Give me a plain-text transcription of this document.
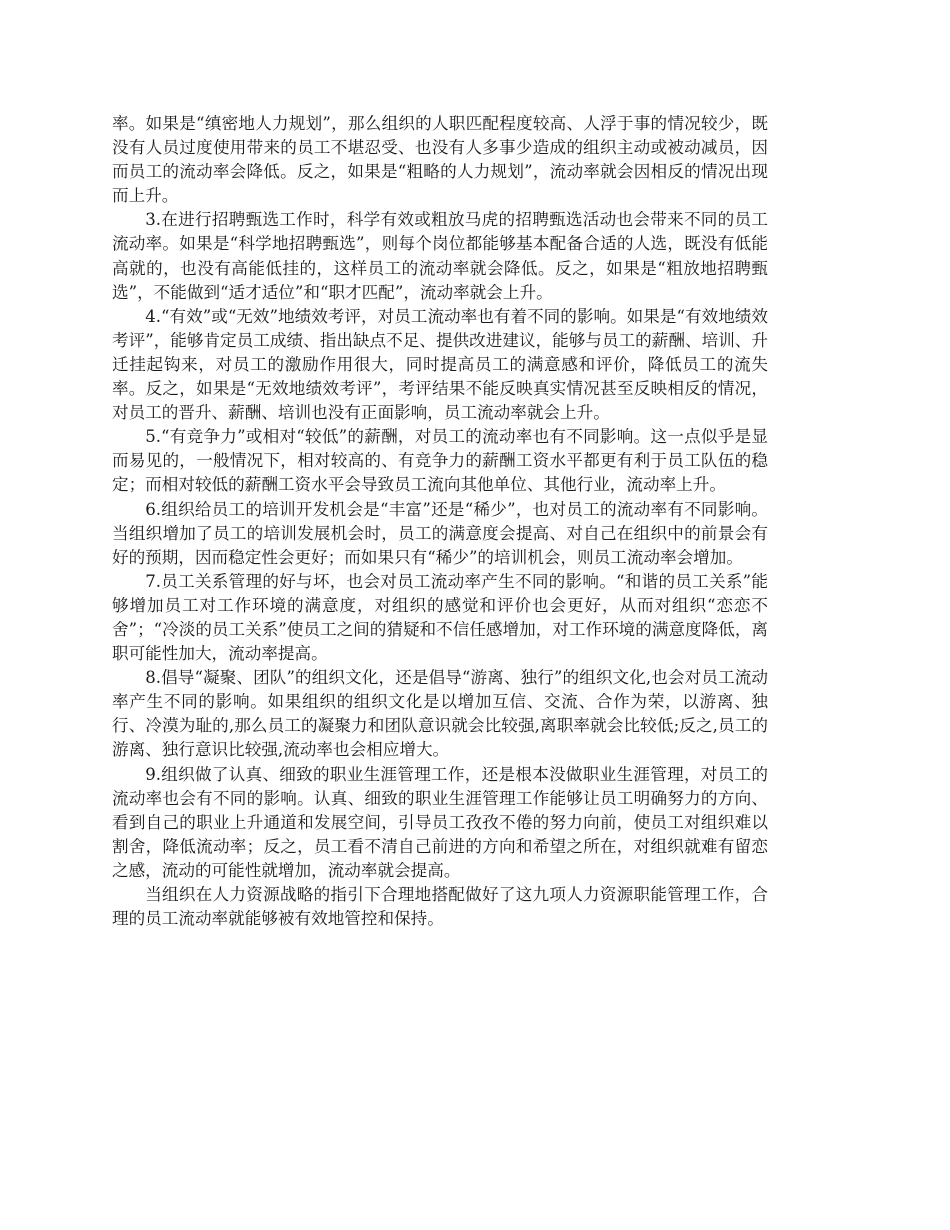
率。如果是“缜密地人力规划”，那么组织的人职匹配程度较高、人浮于事的情况较少，既没有人员过度使用带来的员工不堪忍受、也没有人多事少造成的组织主动或被动减员，因而员工的流动率会降低。反之，如果是“粗略的人力规划”，流动率就会因相反的情况出现而上升。

3.在进行招聘甄选工作时，科学有效或粗放马虎的招聘甄选活动也会带来不同的员工流动率。如果是“科学地招聘甄选”，则每个岗位都能够基本配备合适的人选，既没有低能高就的，也没有高能低挂的，这样员工的流动率就会降低。反之，如果是“粗放地招聘甄选”，不能做到“适才适位”和“职才匹配”，流动率就会上升。

4.“有效”或“无效”地绩效考评，对员工流动率也有着不同的影响。如果是“有效地绩效考评”，能够肯定员工成绩、指出缺点不足、提供改进建议，能够与员工的薪酬、培训、升迁挂起钩来，对员工的激励作用很大，同时提高员工的满意感和评价，降低员工的流失率。反之，如果是“无效地绩效考评”，考评结果不能反映真实情况甚至反映相反的情况，对员工的晋升、薪酬、培训也没有正面影响，员工流动率就会上升。

5.“有竞争力”或相对“较低”的薪酬，对员工的流动率也有不同影响。这一点似乎是显而易见的，一般情况下，相对较高的、有竞争力的薪酬工资水平都更有利于员工队伍的稳定；而相对较低的薪酬工资水平会导致员工流向其他单位、其他行业，流动率上升。

6.组织给员工的培训开发机会是“丰富”还是“稀少”，也对员工的流动率有不同影响。当组织增加了员工的培训发展机会时，员工的满意度会提高、对自己在组织中的前景会有好的预期，因而稳定性会更好；而如果只有“稀少”的培训机会，则员工流动率会增加。

7.员工关系管理的好与坏，也会对员工流动率产生不同的影响。“和谐的员工关系”能够增加员工对工作环境的满意度，对组织的感觉和评价也会更好，从而对组织“恋恋不舍”；“冷淡的员工关系”使员工之间的猜疑和不信任感增加，对工作环境的满意度降低，离职可能性加大，流动率提高。

8.倡导“凝聚、团队”的组织文化，还是倡导“游离、独行”的组织文化,也会对员工流动率产生不同的影响。如果组织的组织文化是以增加互信、交流、合作为荣，以游离、独行、冷漠为耻的,那么员工的凝聚力和团队意识就会比较强,离职率就会比较低;反之,员工的游离、独行意识比较强,流动率也会相应增大。

9.组织做了认真、细致的职业生涯管理工作，还是根本没做职业生涯管理，对员工的流动率也会有不同的影响。认真、细致的职业生涯管理工作能够让员工明确努力的方向、看到自己的职业上升通道和发展空间，引导员工孜孜不倦的努力向前，使员工对组织难以割舍，降低流动率；反之，员工看不清自己前进的方向和希望之所在，对组织就难有留恋之感，流动的可能性就增加，流动率就会提高。

当组织在人力资源战略的指引下合理地搭配做好了这九项人力资源职能管理工作，合理的员工流动率就能够被有效地管控和保持。
